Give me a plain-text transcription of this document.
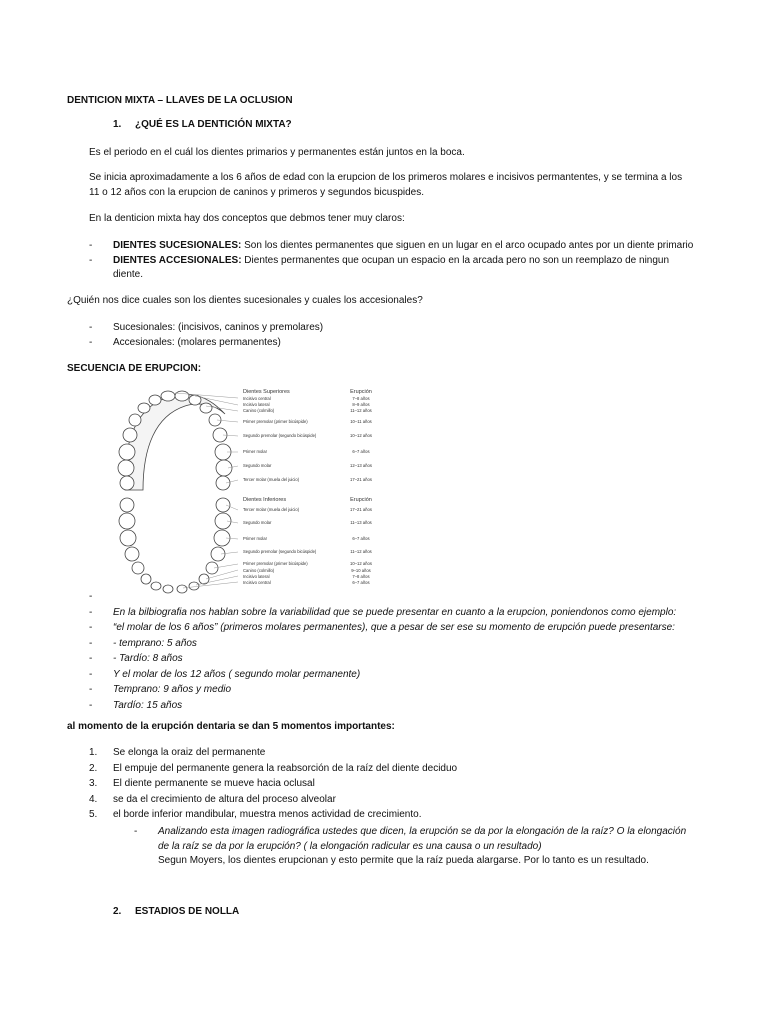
DENTICION MIXTA – LLAVES DE LA OCLUSION
1. ¿QUÉ ES LA DENTICIÓN MIXTA?
Es el periodo en el cuál los dientes primarios y permanentes están juntos en la boca.
Se inicia aproximadamente a los 6 años de edad con la erupcion de los primeros molares e incisivos permantentes, y se termina a los
11 o 12 años con la erupcion de caninos y primeros y segundos bicuspides.
En la denticion mixta hay dos conceptos que debmos tener muy claros:
- DIENTES SUCESIONALES: Son los dientes permanentes que siguen en un lugar en el arco ocupado antes por un diente primario
- DIENTES ACCESIONALES: Dientes permanentes que ocupan un espacio en la arcada pero no son un reemplazo de ningun
diente.
¿Quién nos dice cuales son los dientes sucesionales y cuales los accesionales?
- Sucesionales: (incisivos, caninos y premolares)
- Accesionales: (molares permanentes)
SECUENCIA DE ERUPCION:
Dientes Superiores	Erupción
Incisivo central	7–8 años
Incisivo lateral	8–9 años
Canino (colmillo)	11–12 años
Primer premolar (primer bicúspide)	10–11 años
Segundo premolar (segundo bicúspide)	10–12 años
Primer molar	6–7 años
Segundo molar	12–13 años
Tercer molar (muela del juicio)	17–21 años
Dientes Inferiores	Erupción
Tercer molar (muela del juicio)	17–21 años
Segundo molar	11–13 años
Primer molar	6–7 años
Segundo premolar (segundo bicúspide)	11–12 años
Primer premolar (primer bicúspide)	10–12 años
Canino (colmillo)	9–10 años
Incisivo lateral	7–8 años
Incisivo central	6–7 años
-
- En la bilbiografia nos hablan sobre la variabilidad que se puede presentar en cuanto a la erupcion, poniendonos como ejemplo:
- “el molar de los 6 años” (primeros molares permanentes), que a pesar de ser ese su momento de erupción puede presentarse:
- - temprano: 5 años
- - Tardío: 8 años
- Y el molar de los 12 años ( segundo molar permanente)
- Temprano: 9 años y medio
- Tardío: 15 años
al momento de la erupción dentaria se dan 5 momentos importantes:
1. Se elonga la oraiz del permanente
2. El empuje del permanente genera la reabsorción de la raíz del diente deciduo
3. El diente permanente se mueve hacia oclusal
4. se da el crecimiento de altura del proceso alveolar
5. el borde inferior mandibular, muestra menos actividad de crecimiento.
- Analizando esta imagen radiográfica ustedes que dicen, la erupción se da por la elongación de la raíz? O la elongación
de la raíz se da por la erupción? ( la elongación radicular es una causa o un resultado)
Segun Moyers, los dientes erupcionan y esto permite que la raíz pueda alargarse. Por lo tanto es un resultado.
2. ESTADIOS DE NOLLA
